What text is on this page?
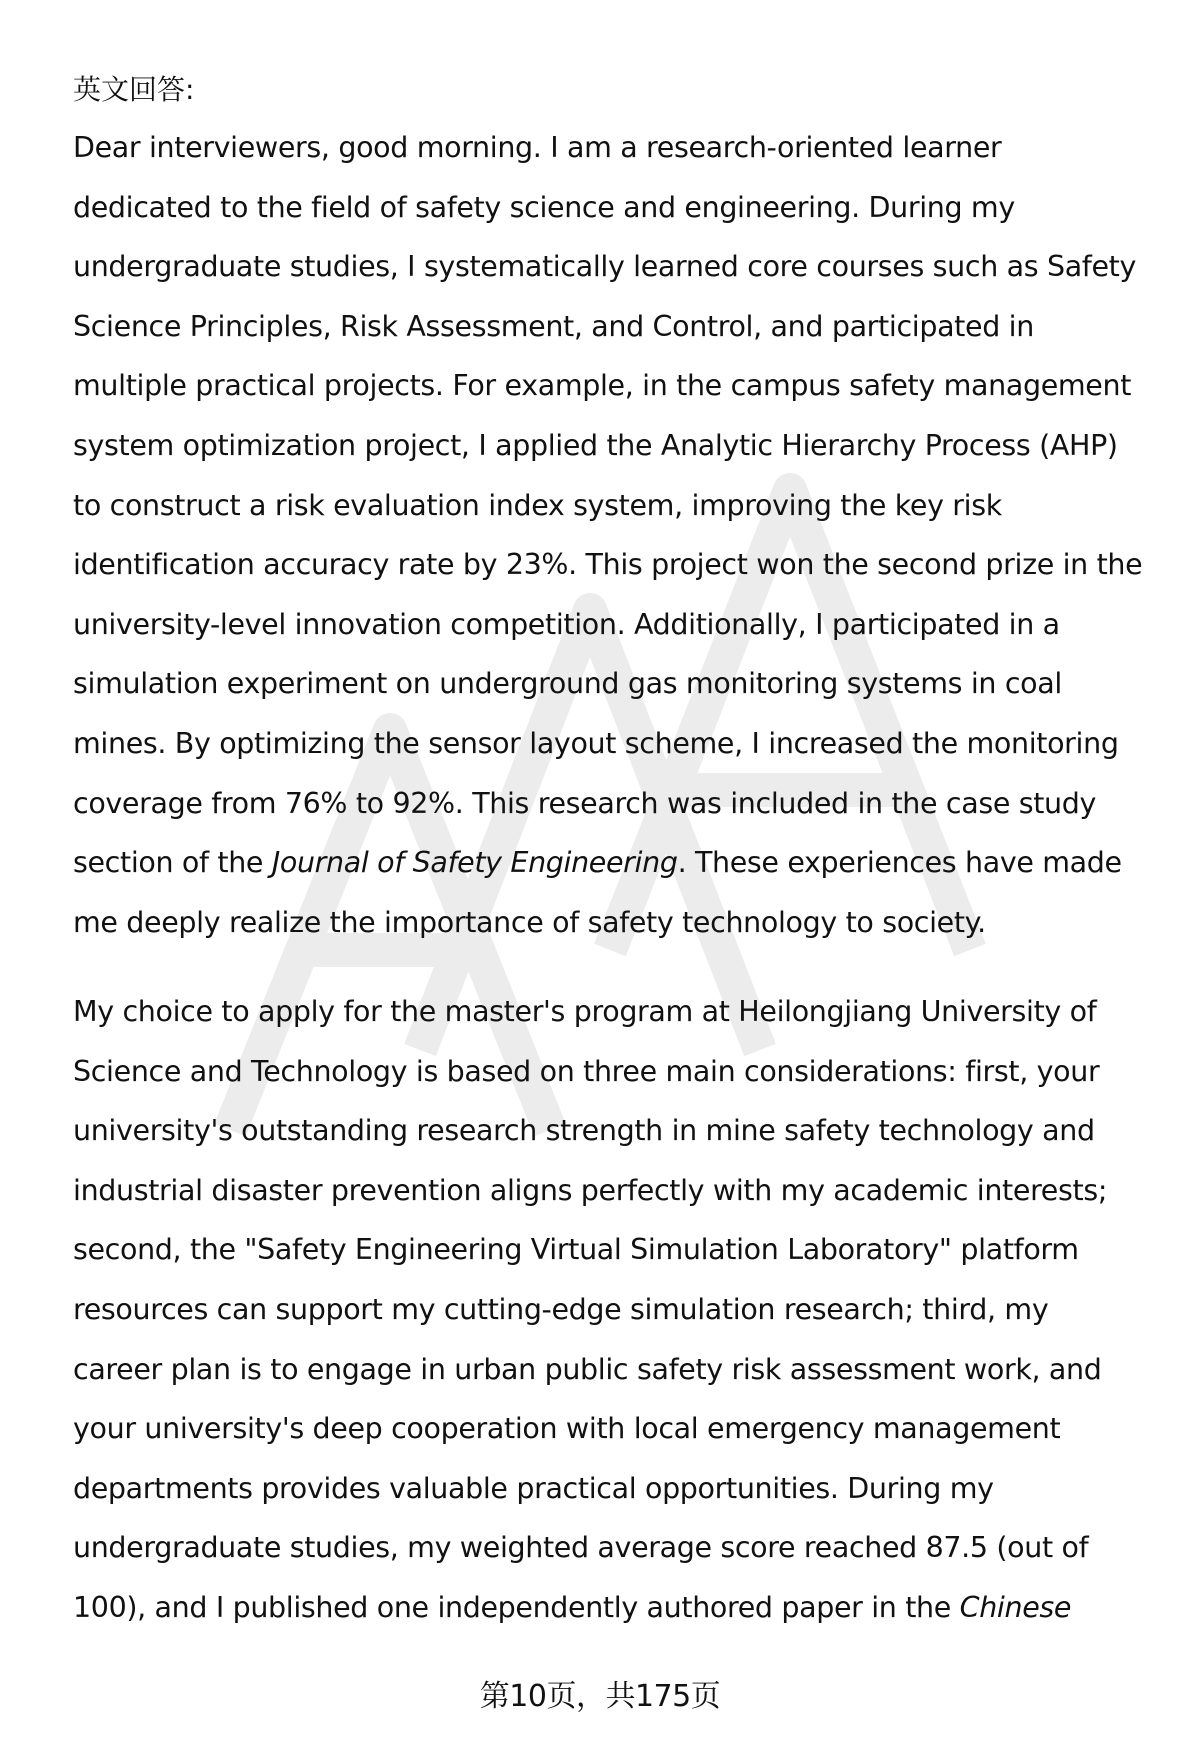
英文回答:
Dear interviewers, good morning. I am a research-oriented learner
dedicated to the field of safety science and engineering. During my
undergraduate studies, I systematically learned core courses such as Safety
Science Principles, Risk Assessment, and Control, and participated in
multiple practical projects. For example, in the campus safety management
system optimization project, I applied the Analytic Hierarchy Process (AHP)
to construct a risk evaluation index system, improving the key risk
identification accuracy rate by 23%. This project won the second prize in the
university-level innovation competition. Additionally, I participated in a
simulation experiment on underground gas monitoring systems in coal
mines. By optimizing the sensor layout scheme, I increased the monitoring
coverage from 76% to 92%. This research was included in the case study
section of the Journal of Safety Engineering. These experiences have made
me deeply realize the importance of safety technology to society.
My choice to apply for the master's program at Heilongjiang University of
Science and Technology is based on three main considerations: first, your
university's outstanding research strength in mine safety technology and
industrial disaster prevention aligns perfectly with my academic interests;
second, the "Safety Engineering Virtual Simulation Laboratory" platform
resources can support my cutting-edge simulation research; third, my
career plan is to engage in urban public safety risk assessment work, and
your university's deep cooperation with local emergency management
departments provides valuable practical opportunities. During my
undergraduate studies, my weighted average score reached 87.5 (out of
100), and I published one independently authored paper in the Chinese
第10页，共175页
